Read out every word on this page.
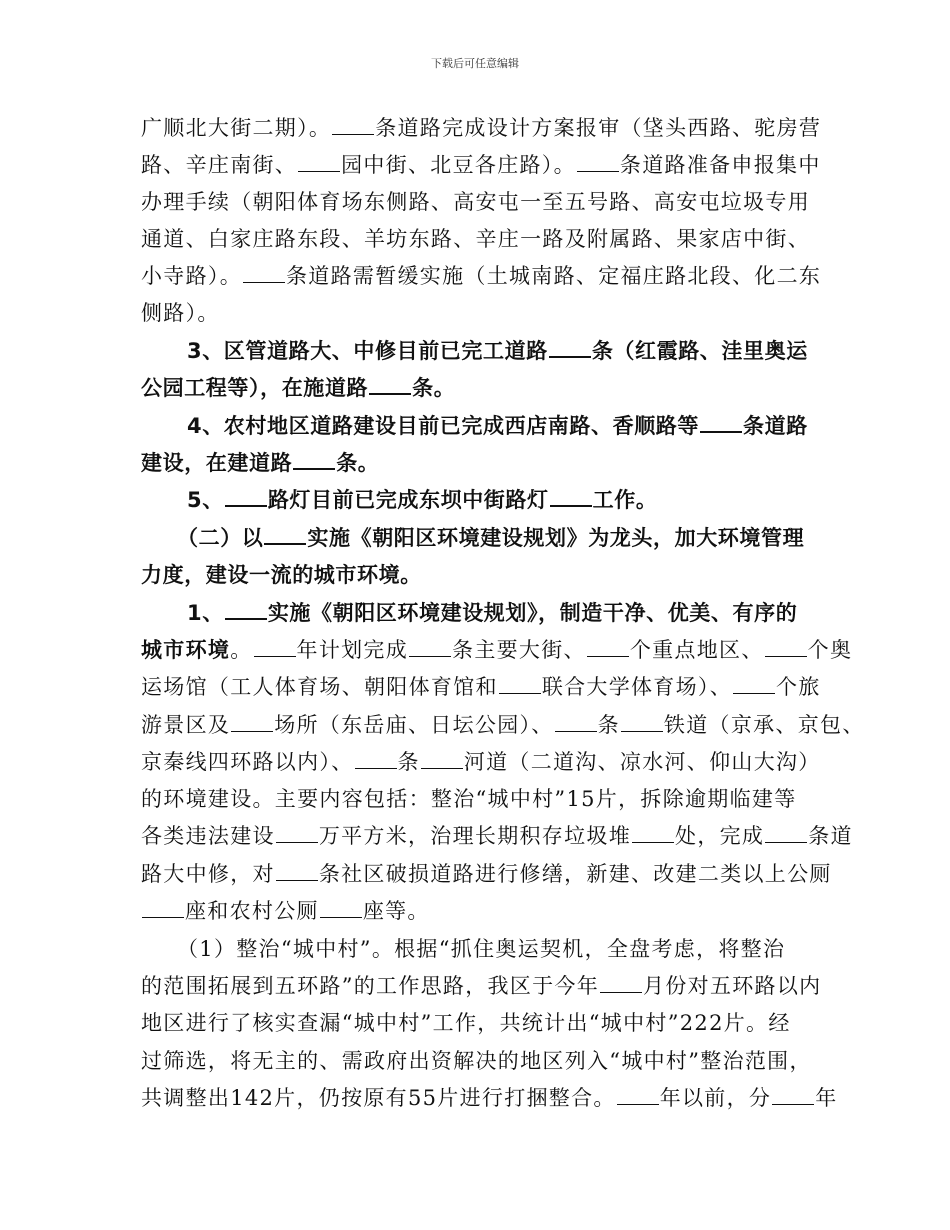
下载后可任意编辑
广顺北大街二期）。 条道路完成设计方案报审（垡头西路、驼房营
路、辛庄南街、 园中街、北豆各庄路）。 条道路准备申报集中
办理手续（朝阳体育场东侧路、高安屯一至五号路、高安屯垃圾专用
通道、白家庄路东段、羊坊东路、辛庄一路及附属路、果家店中街、
小寺路）。 条道路需暂缓实施（土城南路、定福庄路北段、化二东
侧路）。
3、区管道路大、中修目前已完工道路 条（红霞路、洼里奥运
公园工程等），在施道路 条。
4、农村地区道路建设目前已完成西店南路、香顺路等 条道路
建设，在建道路 条。
5、 路灯目前已完成东坝中街路灯 工作。
（二）以 实施《朝阳区环境建设规划》为龙头，加大环境管理
力度，建设一流的城市环境。
1、 实施《朝阳区环境建设规划》，制造干净、优美、有序的
城市环境。 年计划完成 条主要大街、 个重点地区、 个奥
运场馆（工人体育场、朝阳体育馆和 联合大学体育场）、 个旅
游景区及 场所（东岳庙、日坛公园）、 条 铁道（京承、京包、
京秦线四环路以内）、 条 河道（二道沟、凉水河、仰山大沟）
的环境建设。主要内容包括：整治“城中村”15片，拆除逾期临建等
各类违法建设 万平方米，治理长期积存垃圾堆 处，完成 条道
路大中修，对 条社区破损道路进行修缮，新建、改建二类以上公厕
座和农村公厕 座等。
（1）整治“城中村”。根据“抓住奥运契机，全盘考虑，将整治
的范围拓展到五环路”的工作思路，我区于今年 月份对五环路以内
地区进行了核实查漏“城中村”工作，共统计出“城中村”222片。经
过筛选，将无主的、需政府出资解决的地区列入“城中村”整治范围，
共调整出142片，仍按原有55片进行打捆整合。 年以前，分 年
